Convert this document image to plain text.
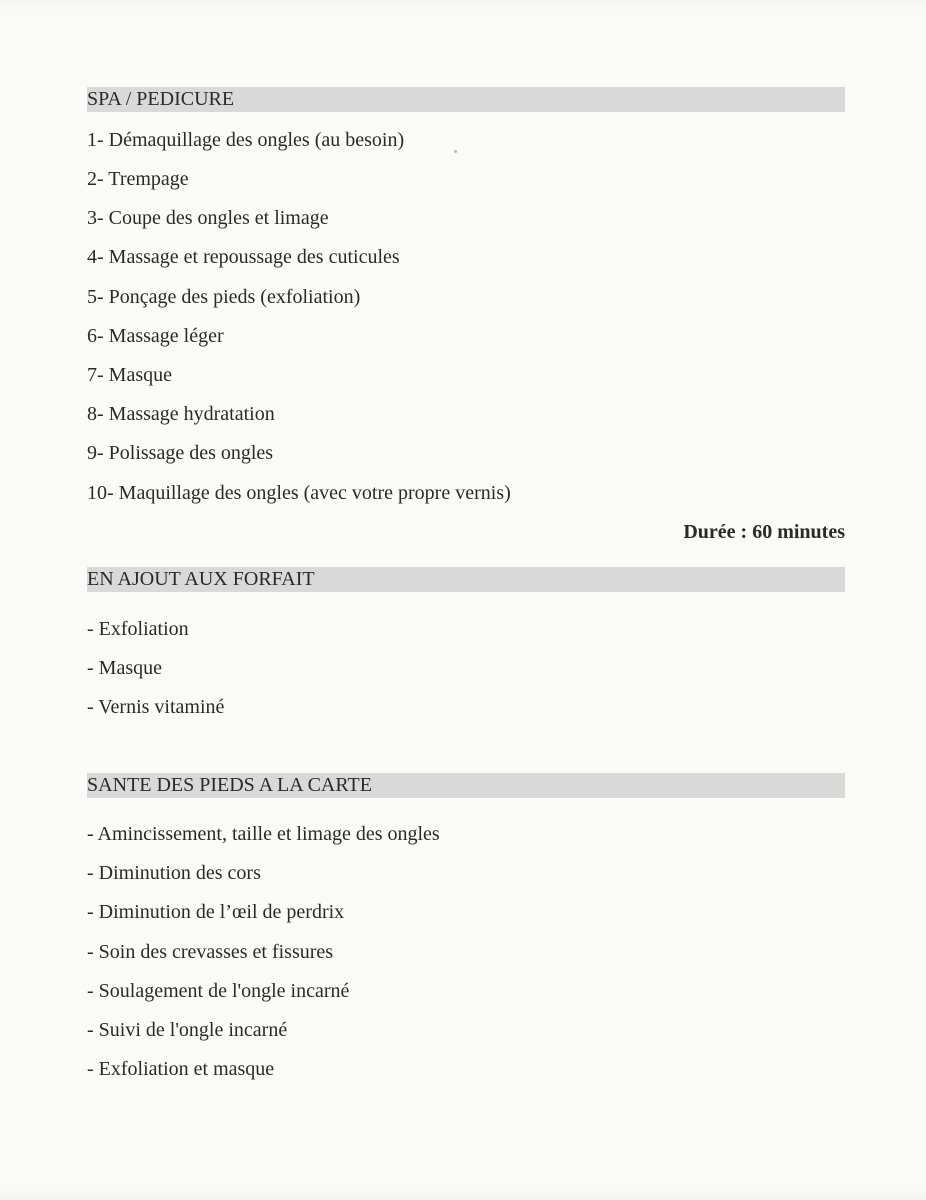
SPA / PEDICURE
1- Démaquillage des ongles (au besoin)
2- Trempage
3- Coupe des ongles et limage
4- Massage et repoussage des cuticules
5- Ponçage des pieds (exfoliation)
6- Massage léger
7- Masque
8- Massage hydratation
9- Polissage des ongles
10- Maquillage des ongles (avec votre propre vernis)
Durée : 60 minutes
EN AJOUT AUX FORFAIT
- Exfoliation
- Masque
- Vernis vitaminé
SANTE DES PIEDS A LA CARTE
- Amincissement, taille et limage des ongles
- Diminution des cors
- Diminution de l’œil de perdrix
- Soin des crevasses et fissures
- Soulagement de l'ongle incarné
- Suivi de l'ongle incarné
- Exfoliation et masque
